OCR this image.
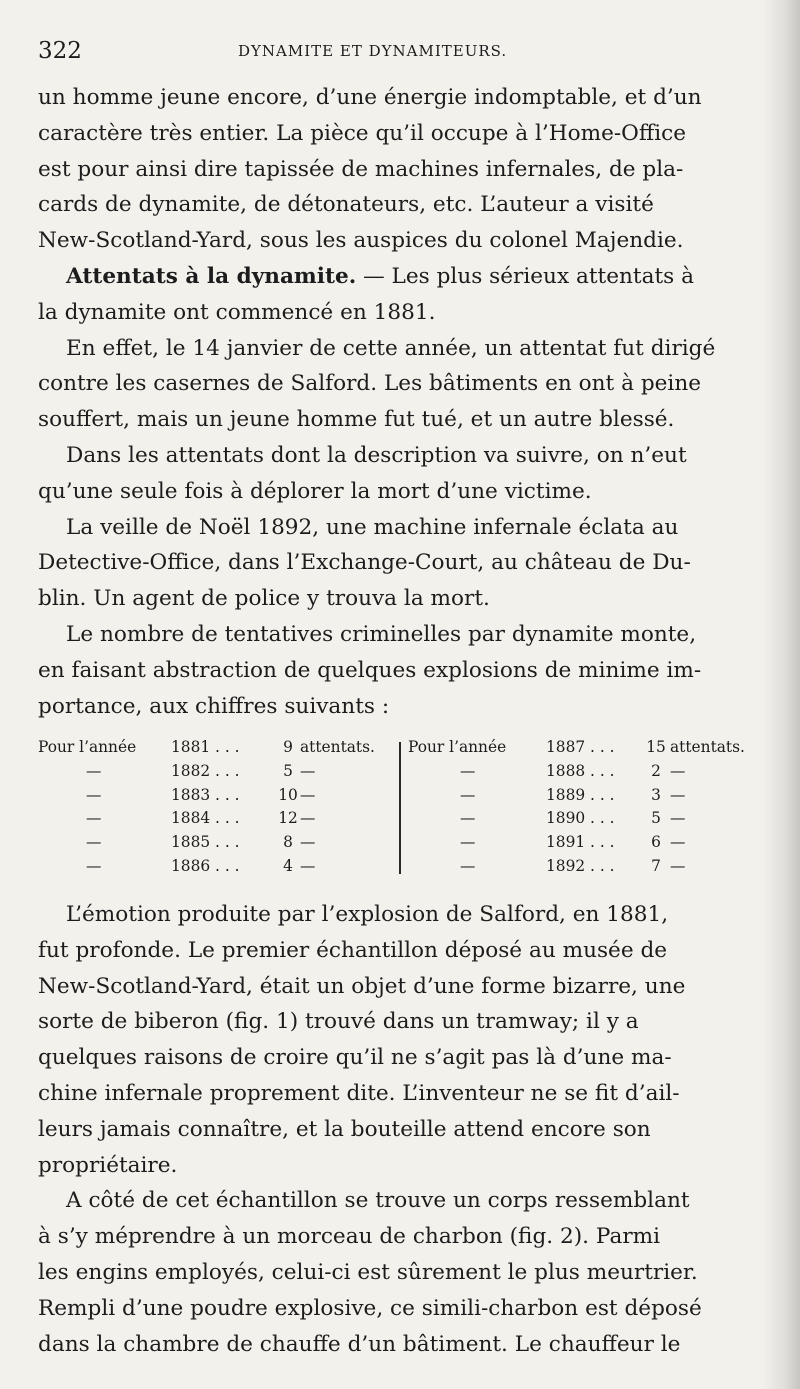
322	DYNAMITE ET DYNAMITEURS.

un homme jeune encore, d’une énergie indomptable, et d’un
caractère très entier. La pièce qu’il occupe à l’Home-Office
est pour ainsi dire tapissée de machines infernales, de pla-
cards de dynamite, de détonateurs, etc. L’auteur a visité
New-Scotland-Yard, sous les auspices du colonel Majendie.

Attentats à la dynamite. — Les plus sérieux attentats à
la dynamite ont commencé en 1881.

En effet, le 14 janvier de cette année, un attentat fut dirigé
contre les casernes de Salford. Les bâtiments en ont à peine
souffert, mais un jeune homme fut tué, et un autre blessé.

Dans les attentats dont la description va suivre, on n’eut
qu’une seule fois à déplorer la mort d’une victime.

La veille de Noël 1892, une machine infernale éclata au
Detective-Office, dans l’Exchange-Court, au château de Du-
blin. Un agent de police y trouva la mort.

Le nombre de tentatives criminelles par dynamite monte,
en faisant abstraction de quelques explosions de minime im-
portance, aux chiffres suivants :

Pour l’année 1881 . . .	9 attentats.
—	1882 . . .	5 —
—	1883 . . .	10 —
—	1884 . . .	12 —
—	1885 . . .	8 —
—	1886 . . .	4 —
Pour l’année	1887 . . . 15 attentats.
—	1888 . . .	2 —
—	1889 . . .	3 —
—	1890 . . .	5 —
—	1891 . . .	6 —
—	1892 . . .	7 —

L’émotion produite par l’explosion de Salford, en 1881,
fut profonde. Le premier échantillon déposé au musée de
New-Scotland-Yard, était un objet d’une forme bizarre, une
sorte de biberon (fig. 1) trouvé dans un tramway; il y a
quelques raisons de croire qu’il ne s’agit pas là d’une ma-
chine infernale proprement dite. L’inventeur ne se fit d’ail-
leurs jamais connaître, et la bouteille attend encore son
propriétaire.

A côté de cet échantillon se trouve un corps ressemblant
à s’y méprendre à un morceau de charbon (fig. 2). Parmi
les engins employés, celui-ci est sûrement le plus meurtrier.
Rempli d’une poudre explosive, ce simili-charbon est déposé
dans la chambre de chauffe d’un bâtiment. Le chauffeur le
